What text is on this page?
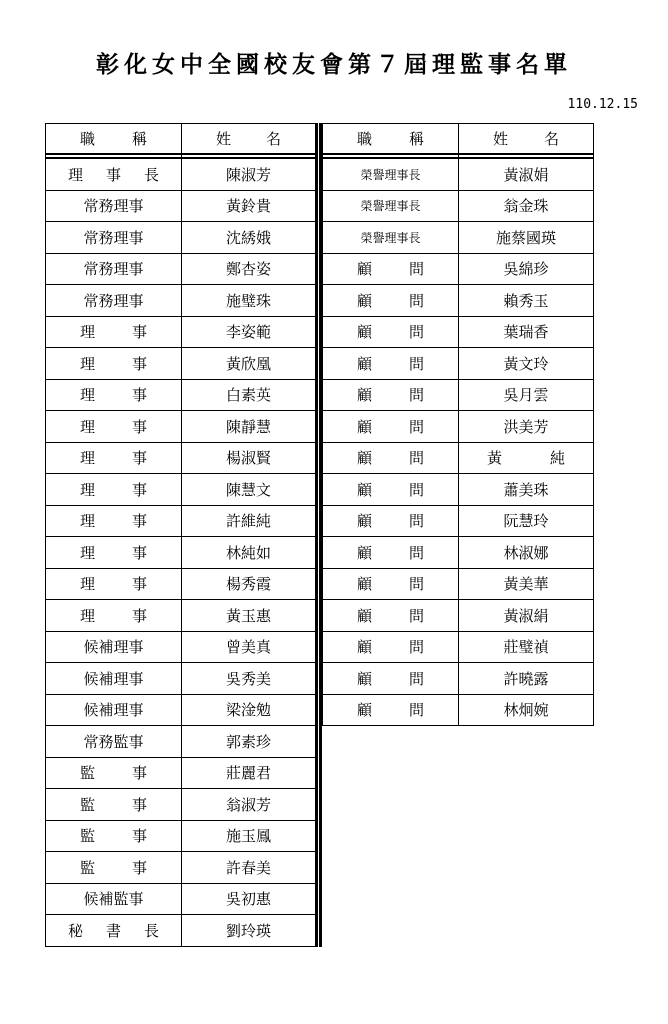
彰化女中全國校友會第７屆理監事名單
110.12.15
職稱	姓名

理事長	陳淑芳
常務理事	黃鈴貴
常務理事	沈綉娥
常務理事	鄭杏姿
常務理事	施璧珠
理事	李姿範
理事	黃欣凰
理事	白素英
理事	陳靜慧
理事	楊淑賢
理事	陳慧文
理事	許維純
理事	林純如
理事	楊秀霞
理事	黃玉惠
候補理事	曾美真
候補理事	吳秀美
候補理事	梁淦勉
常務監事	郭素珍
監事	莊麗君
監事	翁淑芳
監事	施玉鳳
監事	許春美
候補監事	吳初惠
秘書長	劉玲瑛
職稱	姓名

榮譽理事長	黃淑娟
榮譽理事長	翁金珠
榮譽理事長	施蔡國瑛
顧問	吳綿珍
顧問	賴秀玉
顧問	葉瑞香
顧問	黃文玲
顧問	吳月雲
顧問	洪美芳
顧問	黃純
顧問	蕭美珠
顧問	阮慧玲
顧問	林淑娜
顧問	黃美華
顧問	黃淑絹
顧問	莊璧禎
顧問	許曉露
顧問	林炯婉
